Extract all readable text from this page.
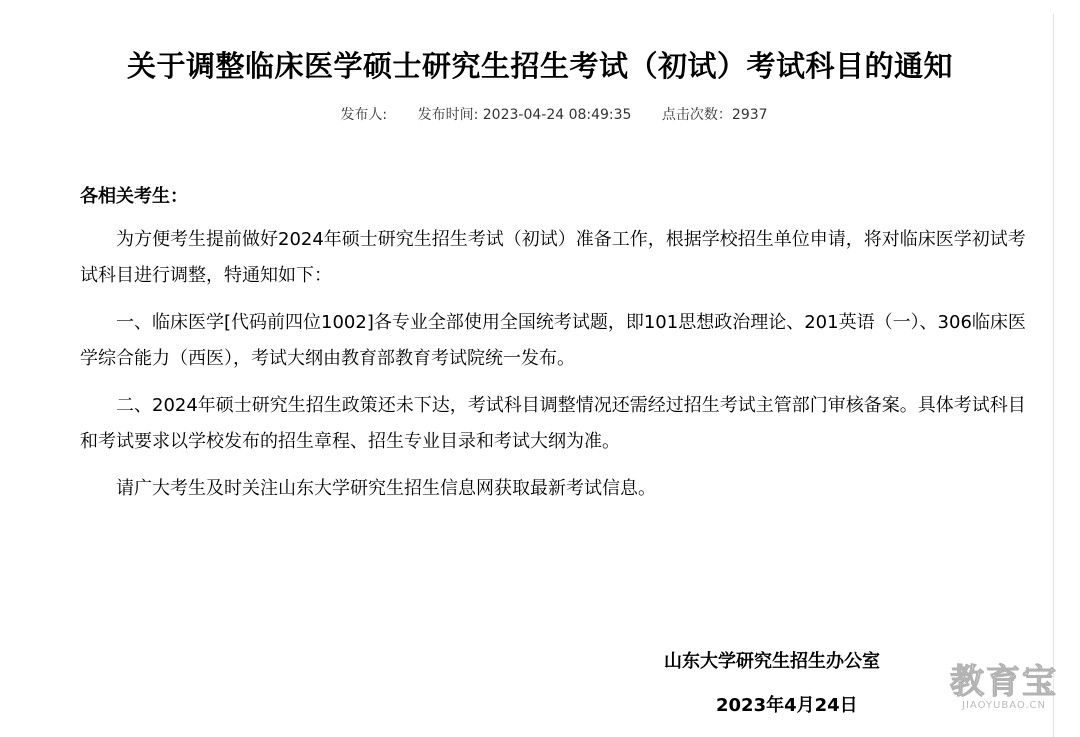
关于调整临床医学硕士研究生招生考试（初试）考试科目的通知
发布人: 发布时间: 2023-04-24 08:49:35 点击次数：2937
各相关考生：

为方便考生提前做好2024年硕士研究生招生考试（初试）准备工作，根据学校招生单位申请，将对临床医学初试考试科目进行调整，特通知如下：

一、临床医学[代码前四位1002]各专业全部使用全国统考试题，即101思想政治理论、201英语（一）、306临床医学综合能力（西医），考试大纲由教育部教育考试院统一发布。

二、2024年硕士研究生招生政策还未下达，考试科目调整情况还需经过招生考试主管部门审核备案。具体考试科目和考试要求以学校发布的招生章程、招生专业目录和考试大纲为准。

请广大考生及时关注山东大学研究生招生信息网获取最新考试信息。

山东大学研究生招生办公室
2023年4月24日
教育宝
JIAOYUBAO.CN
